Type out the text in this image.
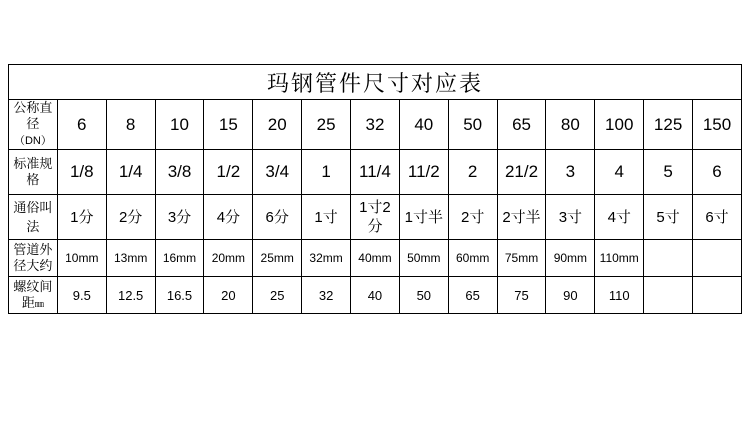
玛钢管件尺寸对应表														
公称直
径（DN）	6	8	10	15	20	25	32	40	50	65	80	100	125	150
标准规
格	1/8	1/4	3/8	1/2	3/4	1	11/4	11/2	2	21/2	3	4	5	6
通俗叫
法	1分	2分	3分	4分	6分	1寸	1寸2分	1寸半	2寸	2寸半	3寸	4寸	5寸	6寸

管道外
径大约	10mm	13mm	16mm	20mm	25mm	32mm	40mm	50mm	60mm	75mm	90mm	110mm		
螺纹间
距㎜	9.5	12.5	16.5	20	25	32	40	50	65	75	90	110		
